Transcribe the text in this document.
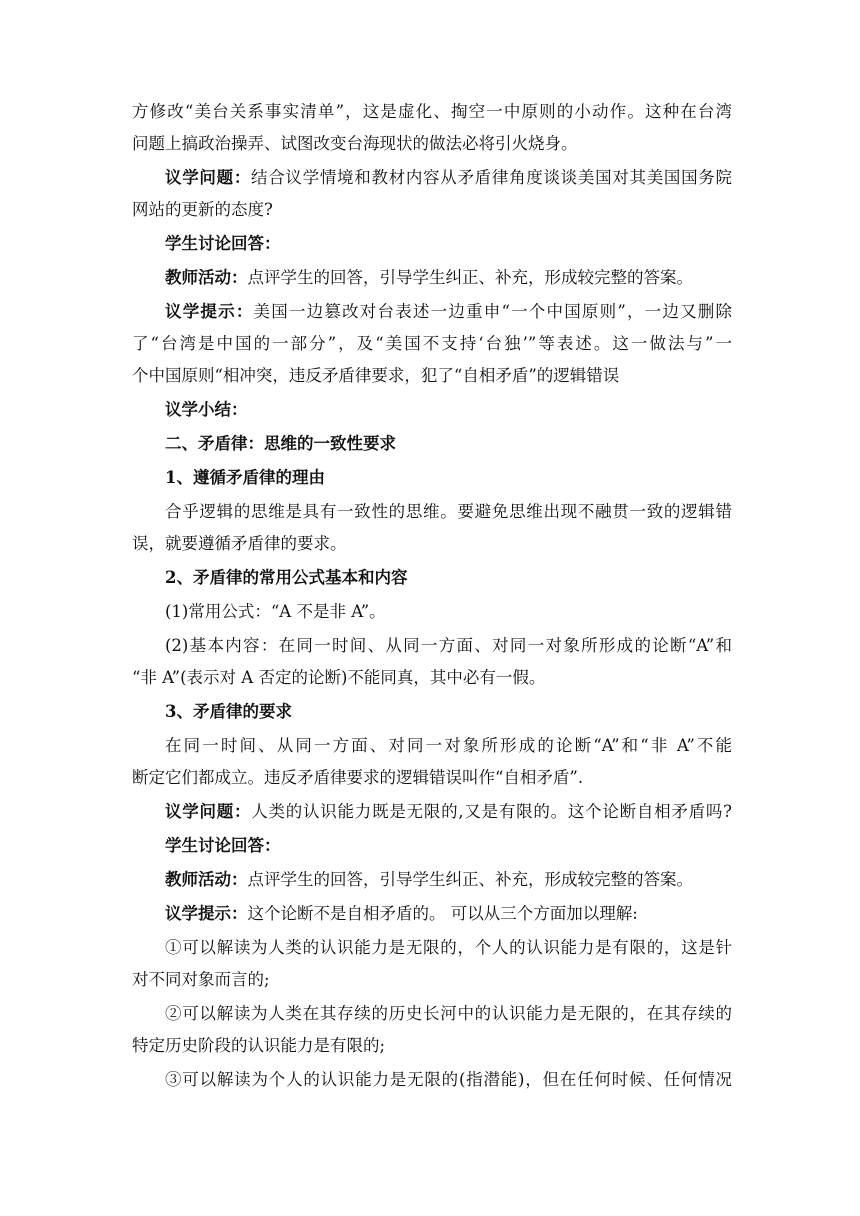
方修改“美台关系事实清单”，这是虚化、掏空一中原则的小动作。这种在台湾
问题上搞政治操弄、试图改变台海现状的做法必将引火烧身。
议学问题：结合议学情境和教材内容从矛盾律角度谈谈美国对其美国国务院
网站的更新的态度?
学生讨论回答：
教师活动：点评学生的回答，引导学生纠正、补充，形成较完整的答案。
议学提示：美国一边篡改对台表述一边重申“一个中国原则”，一边又删除
了“台湾是中国的一部分”，及“美国不支持‘台独’”等表述。这一做法与”一
个中国原则“相冲突，违反矛盾律要求，犯了“自相矛盾”的逻辑错误
议学小结：
二、矛盾律：思维的一致性要求
1、遵循矛盾律的理由
合乎逻辑的思维是具有一致性的思维。要避免思维出现不融贯一致的逻辑错
误，就要遵循矛盾律的要求。
2、矛盾律的常用公式基本和内容
(1)常用公式：“A 不是非 A”。
(2)基本内容：在同一时间、从同一方面、对同一对象所形成的论断“A”和
“非 A”(表示对 A 否定的论断)不能同真，其中必有一假。
3、矛盾律的要求
在同一时间、从同一方面、对同一对象所形成的论断“A”和“非 A”不能
断定它们都成立。违反矛盾律要求的逻辑错误叫作“自相矛盾”.
议学问题：人类的认识能力既是无限的,又是有限的。这个论断自相矛盾吗?
学生讨论回答：
教师活动：点评学生的回答，引导学生纠正、补充，形成较完整的答案。
议学提示：这个论断不是自相矛盾的。 可以从三个方面加以理解:
①可以解读为人类的认识能力是无限的，个人的认识能力是有限的，这是针
对不同对象而言的;
②可以解读为人类在其存续的历史长河中的认识能力是无限的，在其存续的
特定历史阶段的认识能力是有限的;
③可以解读为个人的认识能力是无限的(指潜能)，但在任何时候、任何情况
